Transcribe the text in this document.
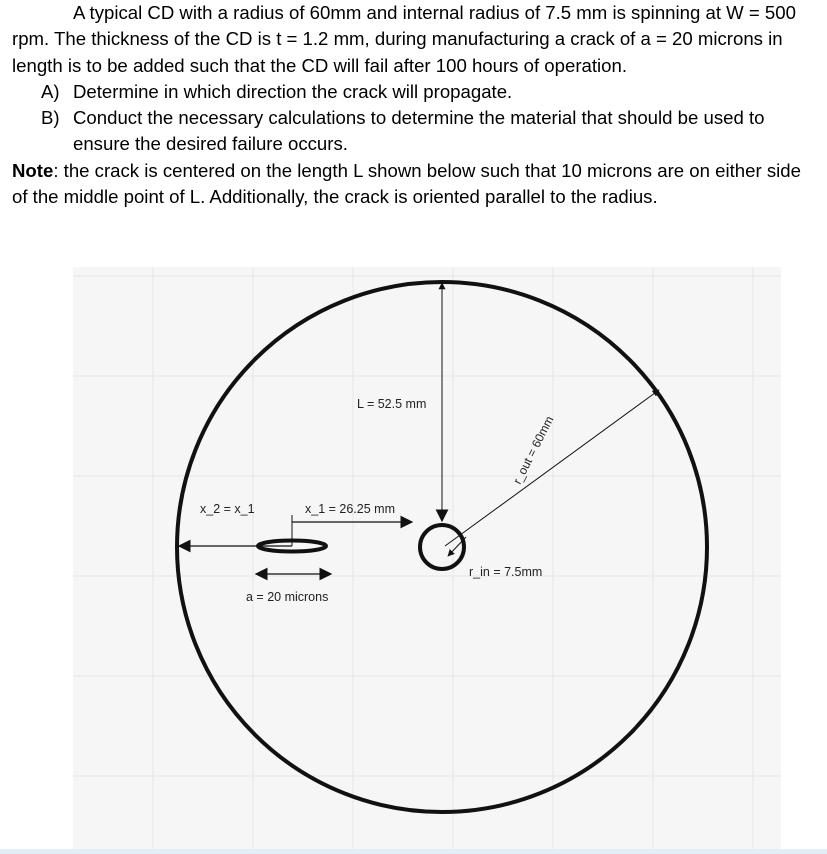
A typical CD with a radius of 60mm and internal radius of 7.5 mm is spinning at W = 500 rpm. The thickness of the CD is t = 1.2 mm, during manufacturing a crack of a = 20 microns in length is to be added such that the CD will fail after 100 hours of operation.

A) Determine in which direction the crack will propagate.
B) Conduct the necessary calculations to determine the material that should be used to ensure the desired failure occurs.

Note: the crack is centered on the length L shown below such that 10 microns are on either side of the middle point of L. Additionally, the crack is oriented parallel to the radius.

L = 52.5 mm
r_out = 60mm
x_2 = x_1	x_1 = 26.25 mm
r_in = 7.5mm
a = 20 microns
